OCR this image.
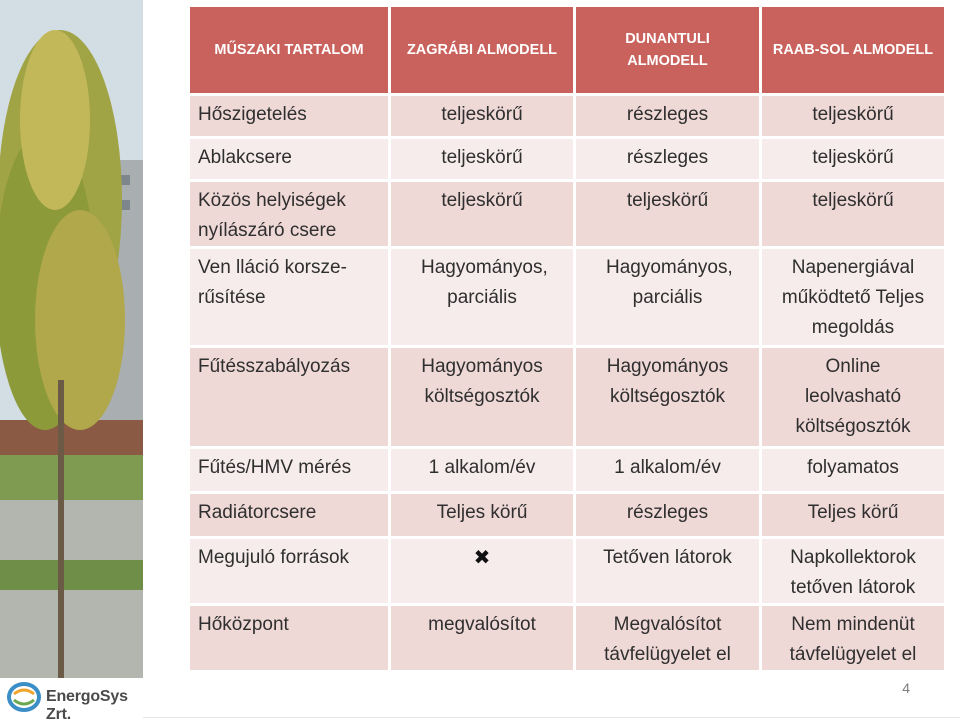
MŰSZAKI TARTALOM	ZAGRÁBI ALMODELL	DUNANTULI ALMODELL	RAAB-SOL ALMODELL
Hőszigetelés	teljeskörű	részleges	teljeskörű
Ablakcsere	teljeskörű	részleges	teljeskörű
Közös helyiségek nyílászáró csere	teljeskörű	teljeskörű	teljeskörű
Ven lláció korsze-rűsítése	Hagyományos, parciális	Hagyományos, parciális	Napenergiával működtető Teljes megoldás
Fűtésszabályozás	Hagyományos költségosztók	Hagyományos költségosztók	Online leolvasható költségosztók
Fűtés/HMV mérés	1 alkalom/év	1 alkalom/év	folyamatos
Radiátorcsere	Teljes körű	részleges	Teljes körű
Megujuló források	✖	Tetőven látorok	Napkollektorok tetőven látorok
Hőközpont	megvalósítot	Megvalósítot távfelügyelet el	Nem mindenüt távfelügyelet el
EnergoSys Zrt.
4
